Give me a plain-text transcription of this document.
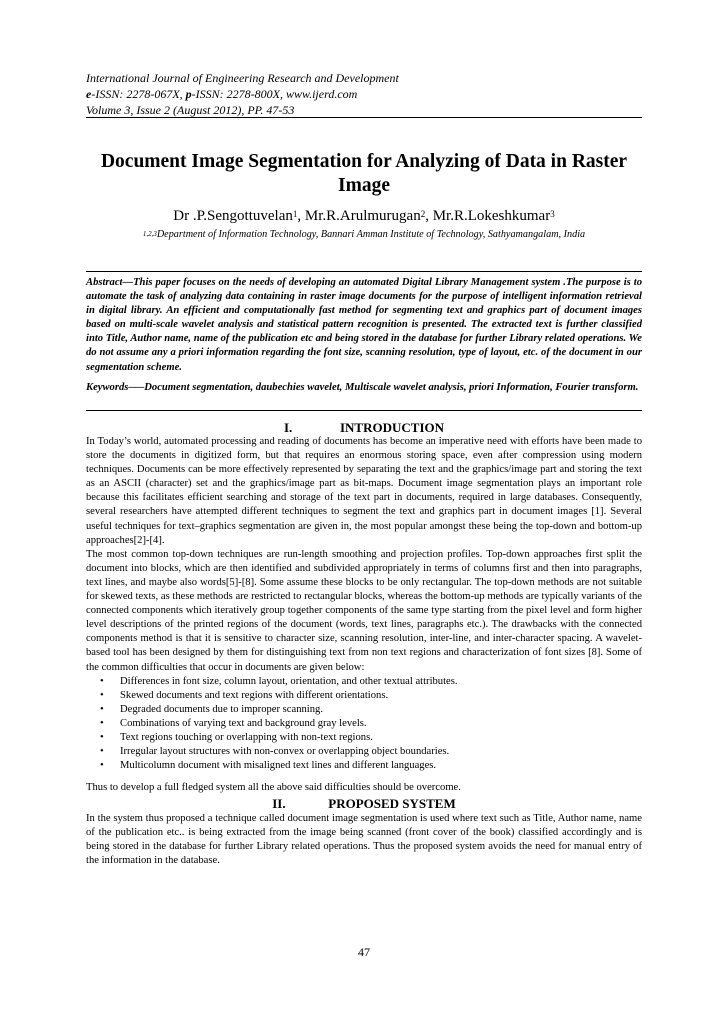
International Journal of Engineering Research and Development
e-ISSN: 2278-067X, p-ISSN: 2278-800X, www.ijerd.com
Volume 3, Issue 2 (August 2012), PP. 47-53
Document Image Segmentation for Analyzing of Data in Raster Image
Dr .P.Sengottuvelan$^1$, Mr.R.Arulmurugan$^2$, Mr.R.Lokeshkumar$^3$
$^{1,2,3}$Department of Information Technology, Bannari Amman Institute of Technology, Sathyamangalam, India
Abstract—This paper focuses on the needs of developing an automated Digital Library Management system .The purpose is to automate the task of analyzing data containing in raster image documents for the purpose of intelligent information retrieval in digital library. An efficient and computationally fast method for segmenting text and graphics part of document images based on multi-scale wavelet analysis and statistical pattern recognition is presented. The extracted text is further classified into Title, Author name, name of the publication etc and being stored in the database for further Library related operations. We do not assume any a priori information regarding the font size, scanning resolution, type of layout, etc. of the document in our segmentation scheme.
Keywords—–Document segmentation, daubechies wavelet, Multiscale wavelet analysis, priori Information, Fourier transform.
I.	INTRODUCTION
In Today’s world, automated processing and reading of documents has become an imperative need with efforts have been made to store the documents in digitized form, but that requires an enormous storing space, even after compression using modern techniques. Documents can be more effectively represented by separating the text and the graphics/image part and storing the text as an ASCII (character) set and the graphics/image part as bit-maps. Document image segmentation plays an important role because this facilitates efficient searching and storage of the text part in documents, required in large databases. Consequently, several researchers have attempted different techniques to segment the text and graphics part in document images [1]. Several useful techniques for text–graphics segmentation are given in, the most popular amongst these being the top-down and bottom-up approaches[2]-[4].
The most common top-down techniques are run-length smoothing and projection profiles. Top-down approaches first split the document into blocks, which are then identified and subdivided appropriately in terms of columns first and then into paragraphs, text lines, and maybe also words[5]-[8]. Some assume these blocks to be only rectangular. The top-down methods are not suitable for skewed texts, as these methods are restricted to rectangular blocks, whereas the bottom-up methods are typically variants of the connected components which iteratively group together components of the same type starting from the pixel level and form higher level descriptions of the printed regions of the document (words, text lines, paragraphs etc.). The drawbacks with the connected components method is that it is sensitive to character size, scanning resolution, inter-line, and inter-character spacing. A wavelet-based tool has been designed by them for distinguishing text from non text regions and characterization of font sizes [8]. Some of the common difficulties that occur in documents are given below:
• Differences in font size, column layout, orientation, and other textual attributes.
• Skewed documents and text regions with different orientations.
• Degraded documents due to improper scanning.
• Combinations of varying text and background gray levels.
• Text regions touching or overlapping with non-text regions.
• Irregular layout structures with non-convex or overlapping object boundaries.
• Multicolumn document with misaligned text lines and different languages.
Thus to develop a full fledged system all the above said difficulties should be overcome.
II.	PROPOSED SYSTEM
In the system thus proposed a technique called document image segmentation is used where text such as Title, Author name, name of the publication etc.. is being extracted from the image being scanned (front cover of the book) classified accordingly and is being stored in the database for further Library related operations. Thus the proposed system avoids the need for manual entry of the information in the database.
47
